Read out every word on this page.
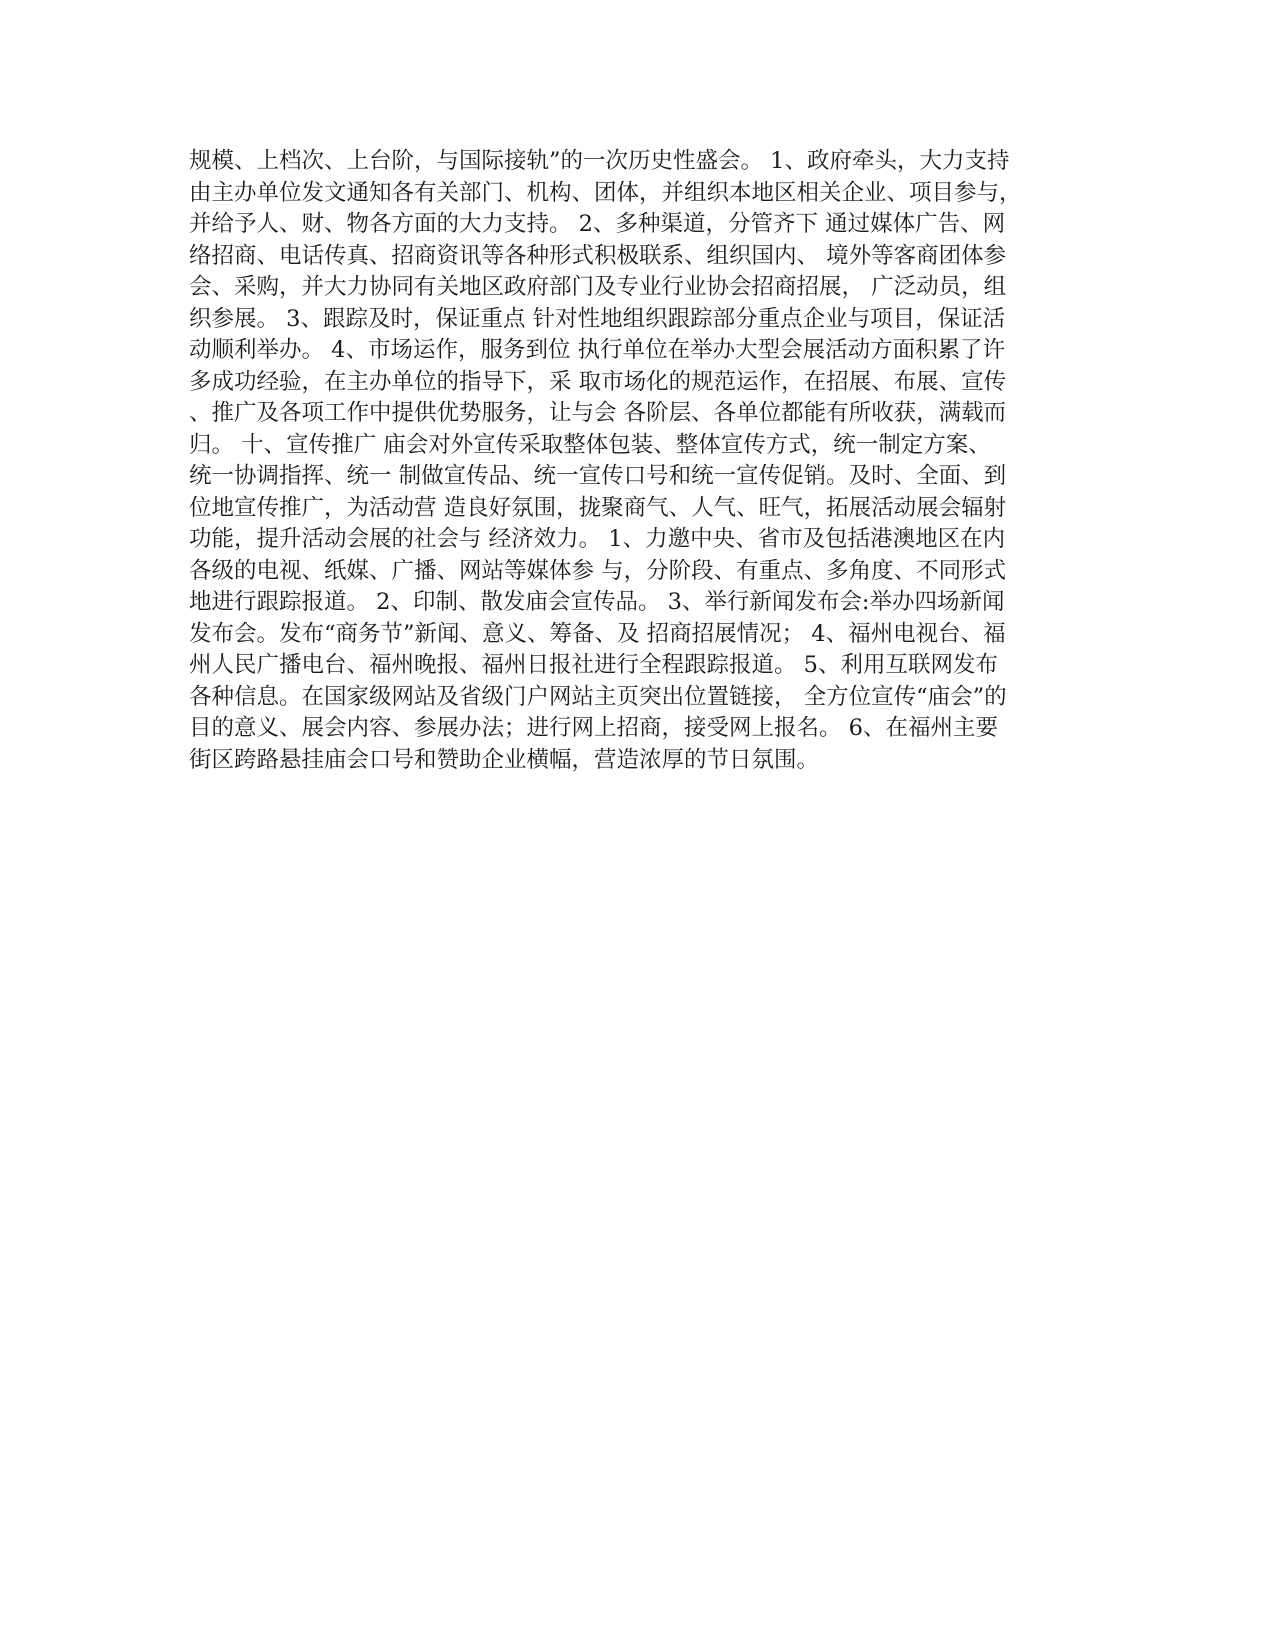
规模、上档次、上台阶，与国际接轨”的一次历史性盛会。 1、政府牵头，大力支持
由主办单位发文通知各有关部门、机构、团体，并组织本地区相关企业、项目参与，
并给予人、财、物各方面的大力支持。 2、多种渠道，分管齐下 通过媒体广告、网
络招商、电话传真、招商资讯等各种形式积极联系、组织国内、 境外等客商团体参
会、采购，并大力协同有关地区政府部门及专业行业协会招商招展， 广泛动员，组
织参展。 3、跟踪及时，保证重点 针对性地组织跟踪部分重点企业与项目，保证活
动顺利举办。 4、市场运作，服务到位 执行单位在举办大型会展活动方面积累了许
多成功经验，在主办单位的指导下，采 取市场化的规范运作，在招展、布展、宣传
、推广及各项工作中提供优势服务，让与会 各阶层、各单位都能有所收获，满载而
归。 十、宣传推广 庙会对外宣传采取整体包装、整体宣传方式，统一制定方案、
统一协调指挥、统一 制做宣传品、统一宣传口号和统一宣传促销。及时、全面、到
位地宣传推广，为活动营 造良好氛围，拢聚商气、人气、旺气，拓展活动展会辐射
功能，提升活动会展的社会与 经济效力。 1、力邀中央、省市及包括港澳地区在内
各级的电视、纸媒、广播、网站等媒体参 与，分阶段、有重点、多角度、不同形式
地进行跟踪报道。 2、印制、散发庙会宣传品。 3、举行新闻发布会:举办四场新闻
发布会。发布“商务节”新闻、意义、筹备、及 招商招展情况； 4、福州电视台、福
州人民广播电台、福州晚报、福州日报社进行全程跟踪报道。 5、利用互联网发布
各种信息。在国家级网站及省级门户网站主页突出位置链接， 全方位宣传“庙会”的
目的意义、展会内容、参展办法；进行网上招商，接受网上报名。 6、在福州主要
街区跨路悬挂庙会口号和赞助企业横幅，营造浓厚的节日氛围。
